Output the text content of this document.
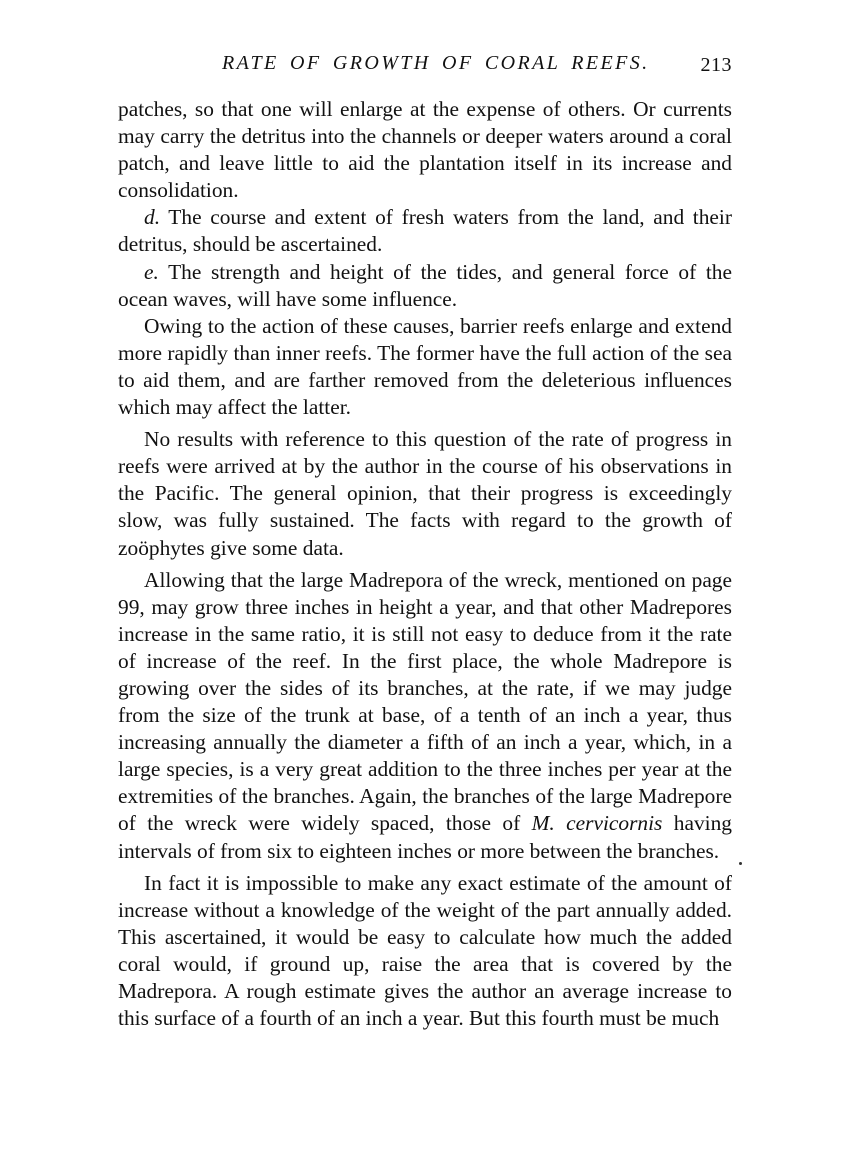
RATE OF GROWTH OF CORAL REEFS.	213

patches, so that one will enlarge at the expense of others. Or currents may carry the detritus into the channels or deeper waters around a coral patch, and leave little to aid the plantation itself in its increase and consolidation.

d. The course and extent of fresh waters from the land, and their detritus, should be ascertained.

e. The strength and height of the tides, and general force of the ocean waves, will have some influence.

Owing to the action of these causes, barrier reefs enlarge and extend more rapidly than inner reefs. The former have the full action of the sea to aid them, and are farther removed from the deleterious influences which may affect the latter.

No results with reference to this question of the rate of progress in reefs were arrived at by the author in the course of his observations in the Pacific. The general opinion, that their progress is exceedingly slow, was fully sustained. The facts with regard to the growth of zoöphytes give some data.

Allowing that the large Madrepora of the wreck, mentioned on page 99, may grow three inches in height a year, and that other Madrepores increase in the same ratio, it is still not easy to deduce from it the rate of increase of the reef. In the first place, the whole Madrepore is growing over the sides of its branches, at the rate, if we may judge from the size of the trunk at base, of a tenth of an inch a year, thus increasing annually the diameter a fifth of an inch a year, which, in a large species, is a very great addition to the three inches per year at the extremities of the branches. Again, the branches of the large Madrepore of the wreck were widely spaced, those of M. cervicornis having intervals of from six to eighteen inches or more between the branches.

In fact it is impossible to make any exact estimate of the amount of increase without a knowledge of the weight of the part annually added. This ascertained, it would be easy to calculate how much the added coral would, if ground up, raise the area that is covered by the Madrepora. A rough estimate gives the author an average increase to this surface of a fourth of an inch a year. But this fourth must be much
